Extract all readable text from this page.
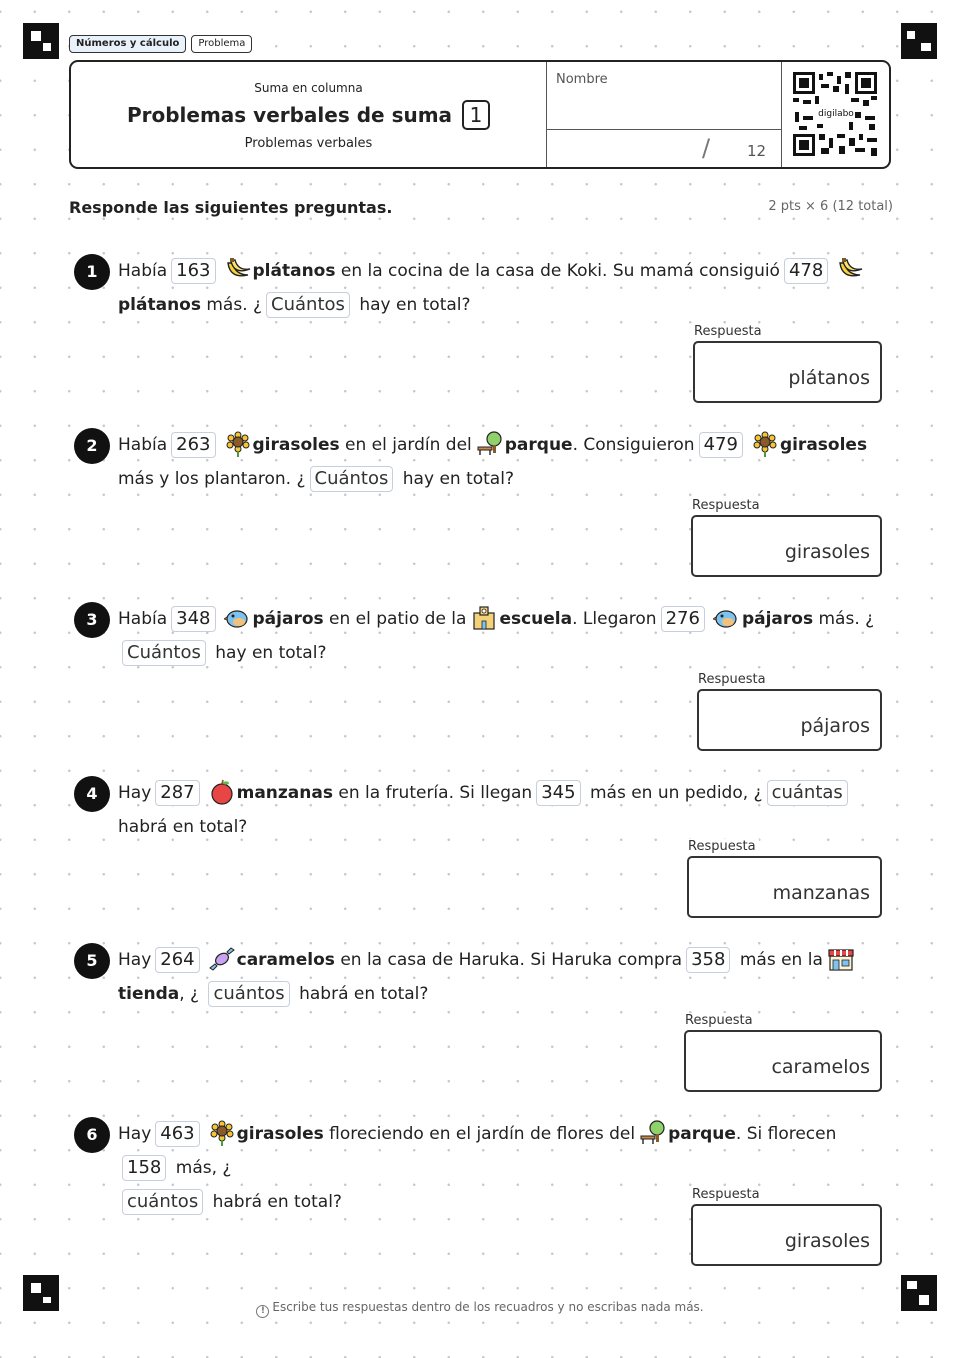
Números y cálculo	Problema
Suma en columna
Problemas verbales de suma 1
Problemas verbales
Nombre
/ 12
digilabo
Responde las siguientes preguntas.	2 pts × 6 (12 total)
1	Había 163 plátanos en la cocina de la casa de Koki. Su mamá consiguió 478plátanos más. ¿ Cuántos hay en total?
Respuesta
plátanos
2	Había 263 girasoles en el jardín del parque. Consiguieron 479 girasoles más y los plantaron. ¿ Cuántos hay en total?
Respuesta
girasoles
3	Había 348 pájaros en el patio de la escuela. Llegaron 276 pájaros más. ¿Cuántos hay en total?
Respuesta
pájaros
4	Hay 287 manzanas en la frutería. Si llegan 345 más en un pedido, ¿ cuántas habrá en total?
Respuesta
manzanas
5	Hay 264 caramelos en la casa de Haruka. Si Haruka compra 358 más en latienda, ¿ cuántos habrá en total?
Respuesta
caramelos
6	Hay 463 girasoles floreciendo en el jardín de flores del parque. Si florecen158 más, ¿
cuántos habrá en total?	Respuesta
girasoles
! Escribe tus respuestas dentro de los recuadros y no escribas nada más.
